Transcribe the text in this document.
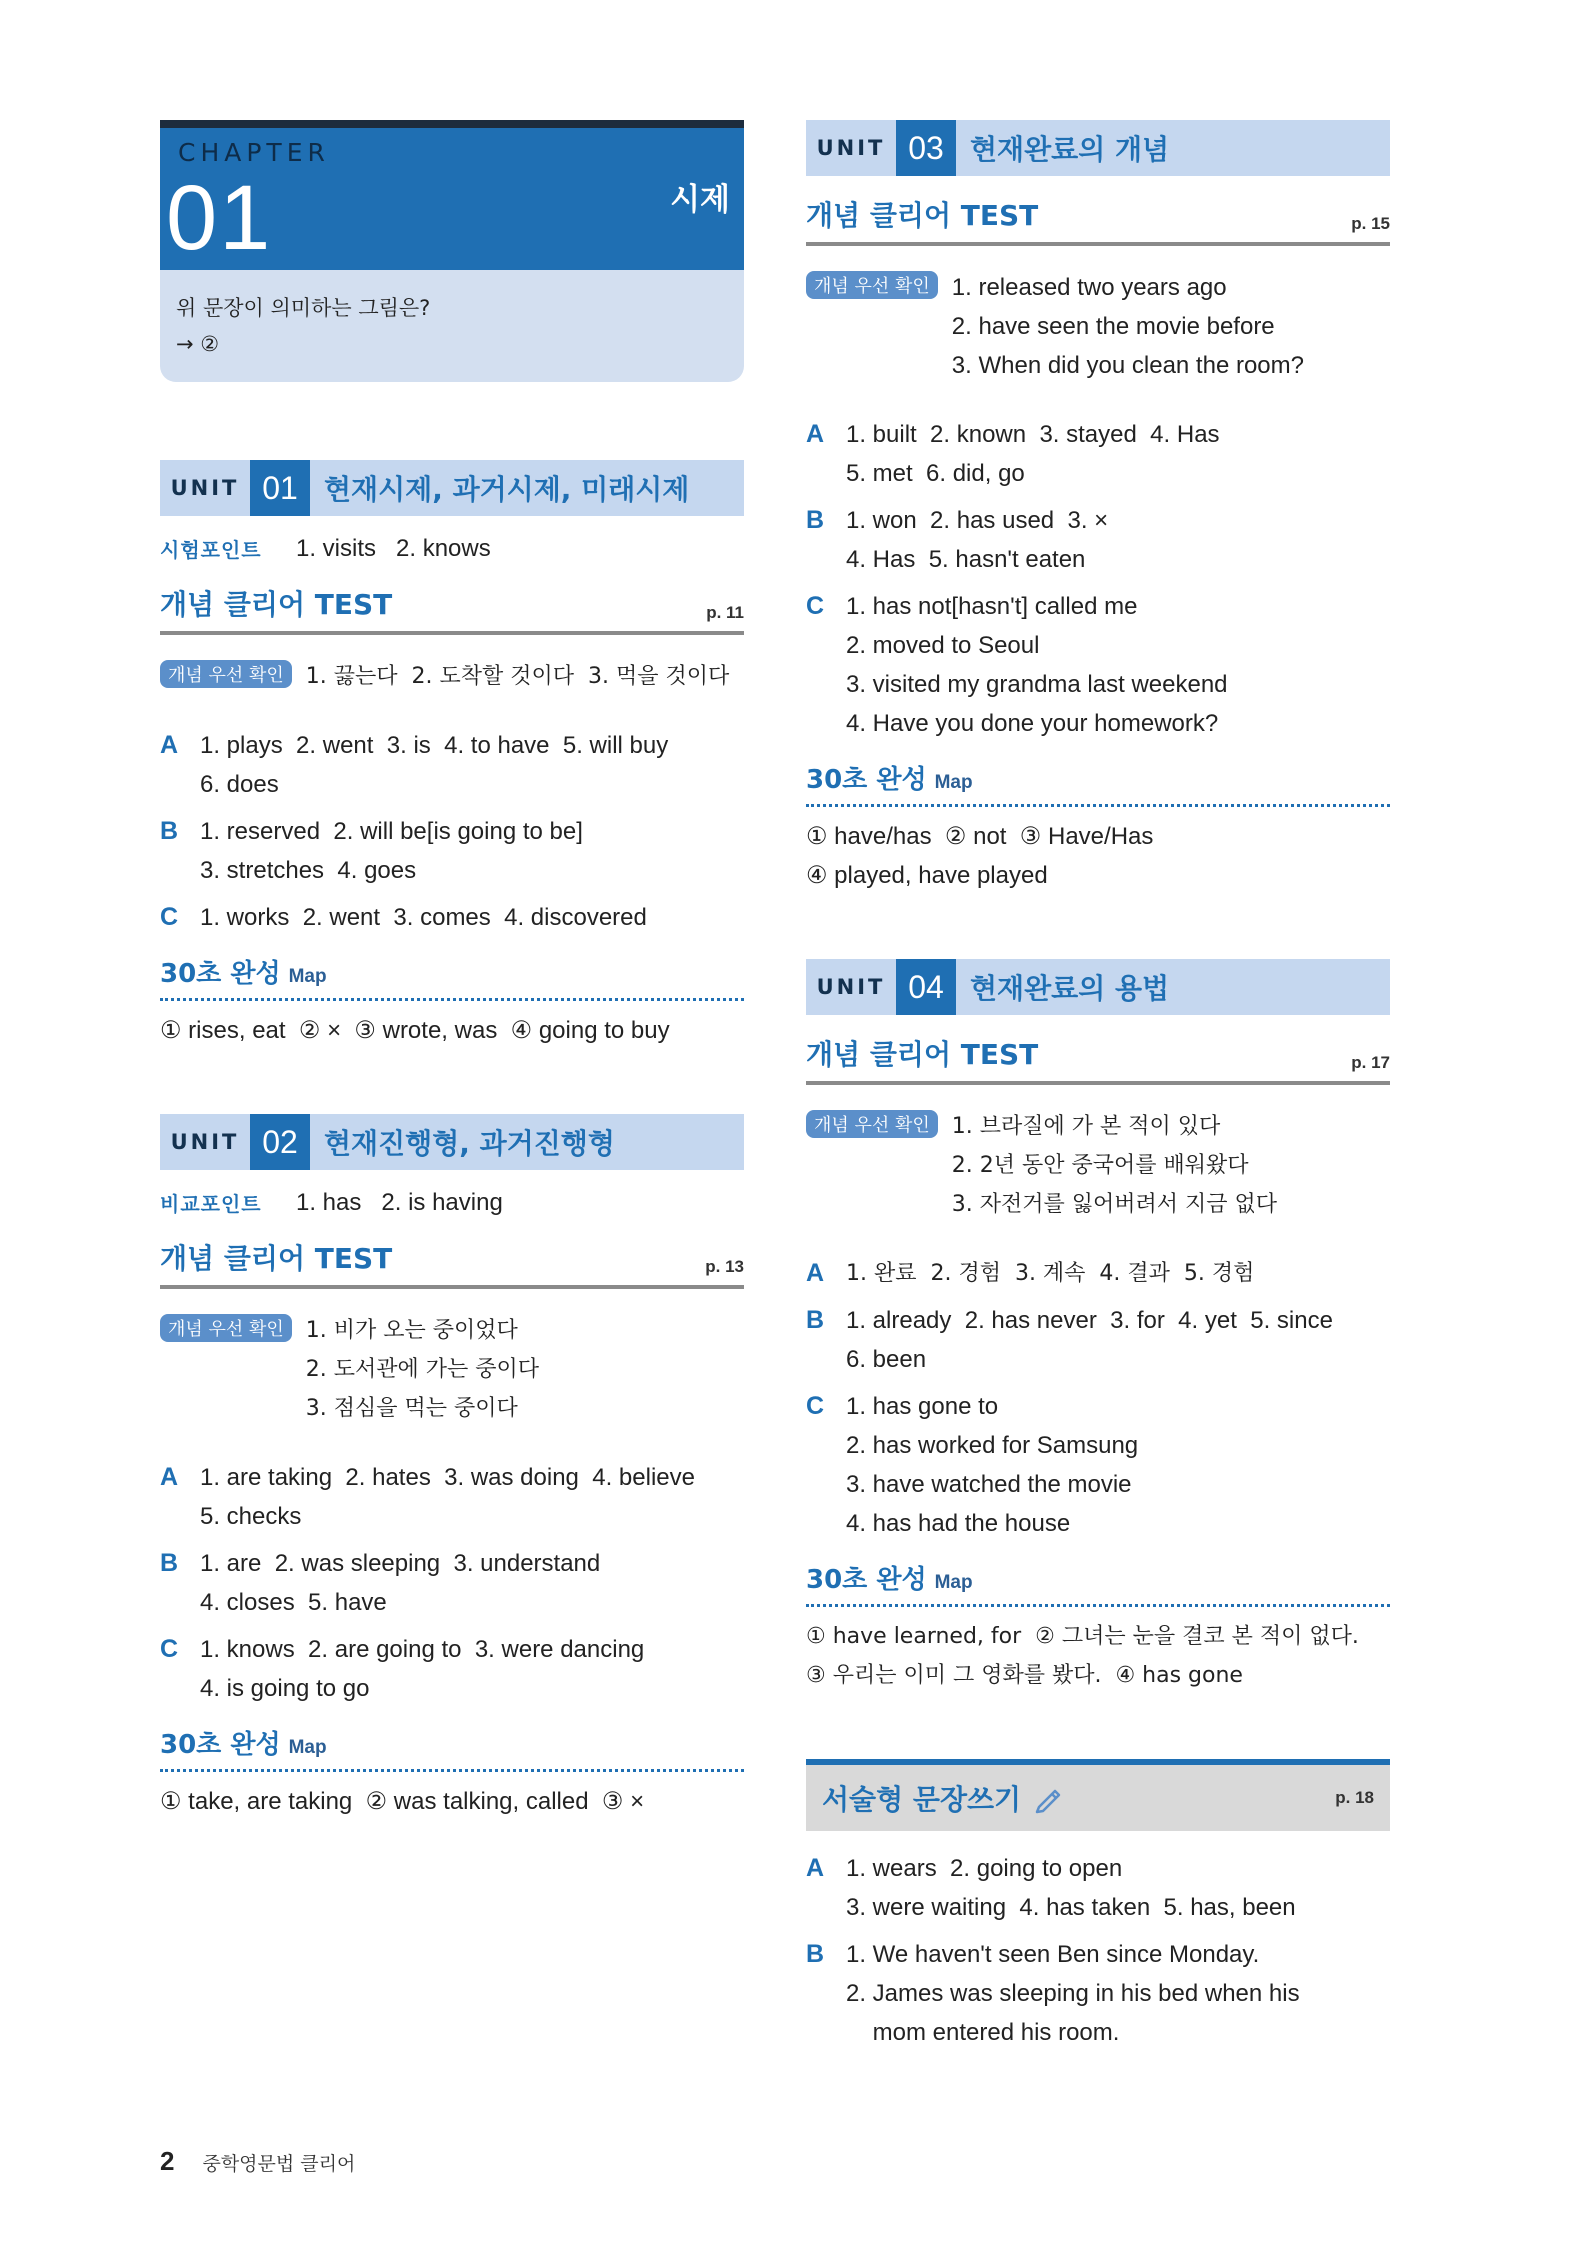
CHAPTER
01	시제
위 문장이 의미하는 그림은?
→ ②
UNIT 01 현재시제, 과거시제, 미래시제
시험포인트	1. visits   2. knows
개념 클리어 TEST	p. 11
개념 우선 확인	1. 끓는다  2. 도착할 것이다  3. 먹을 것이다
A 1. plays  2. went  3. is  4. to have  5. will buy
6. does
B 1. reserved  2. will be[is going to be]
3. stretches  4. goes
C 1. works  2. went  3. comes  4. discovered
30초 완성 Map
① rises, eat  ② ×  ③ wrote, was  ④ going to buy
UNIT 02 현재진행형, 과거진행형
비교포인트	1. has   2. is having
개념 클리어 TEST	p. 13
개념 우선 확인	1. 비가 오는 중이었다
2. 도서관에 가는 중이다
3. 점심을 먹는 중이다
A 1. are taking  2. hates  3. was doing  4. believe
5. checks
B 1. are  2. was sleeping  3. understand
4. closes  5. have
C 1. knows  2. are going to  3. were dancing
4. is going to go
30초 완성 Map
① take, are taking  ② was talking, called  ③ ×
UNIT 03 현재완료의 개념
개념 클리어 TEST	p. 15
개념 우선 확인 1. released two years ago
2. have seen the movie before
3. When did you clean the room?
A 1. built  2. known  3. stayed  4. Has
5. met  6. did, go
B 1. won  2. has used  3. ×
4. Has  5. hasn't eaten
C 1. has not[hasn't] called me
2. moved to Seoul
3. visited my grandma last weekend
4. Have you done your homework?
30초 완성 Map
① have/has  ② not  ③ Have/Has
④ played, have played
UNIT 04 현재완료의 용법
개념 클리어 TEST	p. 17
개념 우선 확인	1. 브라질에 가 본 적이 있다
2. 2년 동안 중국어를 배워왔다
3. 자전거를 잃어버려서 지금 없다
A 1. 완료  2. 경험  3. 계속  4. 결과  5. 경험
B 1. already  2. has never  3. for  4. yet  5. since
6. been
C 1. has gone to
2. has worked for Samsung
3. have watched the movie
4. has had the house
30초 완성 Map
① have learned, for  ② 그녀는 눈을 결코 본 적이 없다.
③ 우리는 이미 그 영화를 봤다.  ④ has gone
서술형 문장쓰기	p. 18
A 1. wears  2. going to open
3. were waiting  4. has taken  5. has, been
B 1. We haven't seen Ben since Monday.
2. James was sleeping in his bed when his
mom entered his room.
2 중학영문법 클리어
